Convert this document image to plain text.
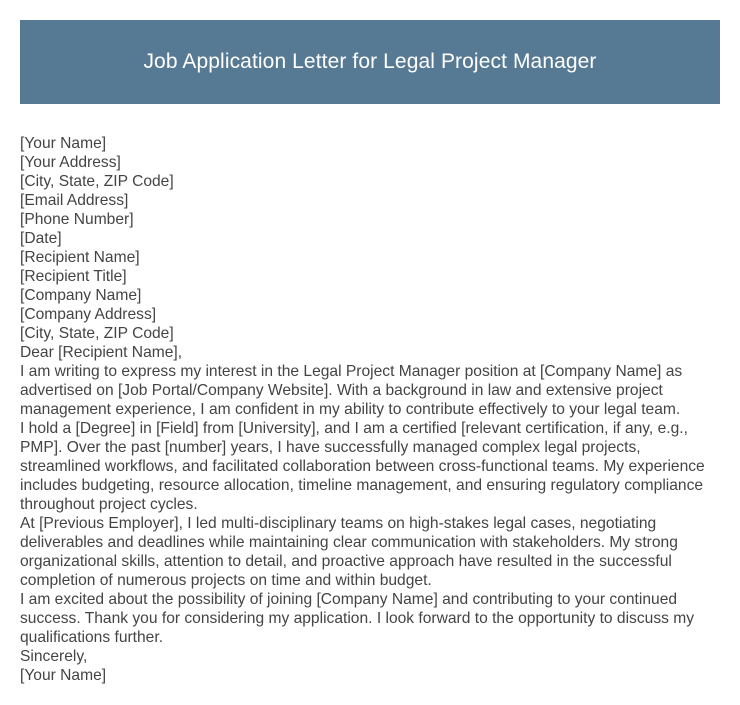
Job Application Letter for Legal Project Manager

[Your Name]

[Your Address]

[City, State, ZIP Code]

[Email Address]

[Phone Number]

[Date]

[Recipient Name]

[Recipient Title]

[Company Name]

[Company Address]

[City, State, ZIP Code]

Dear [Recipient Name],

I am writing to express my interest in the Legal Project Manager position at [Company Name] as advertised on [Job Portal/Company Website]. With a background in law and extensive project management experience, I am confident in my ability to contribute effectively to your legal team.

I hold a [Degree] in [Field] from [University], and I am a certified [relevant certification, if any, e.g., PMP]. Over the past [number] years, I have successfully managed complex legal projects, streamlined workflows, and facilitated collaboration between cross-functional teams. My experience includes budgeting, resource allocation, timeline management, and ensuring regulatory compliance throughout project cycles.

At [Previous Employer], I led multi-disciplinary teams on high-stakes legal cases, negotiating deliverables and deadlines while maintaining clear communication with stakeholders. My strong organizational skills, attention to detail, and proactive approach have resulted in the successful completion of numerous projects on time and within budget.

I am excited about the possibility of joining [Company Name] and contributing to your continued success. Thank you for considering my application. I look forward to the opportunity to discuss my qualifications further.

Sincerely,

[Your Name]
